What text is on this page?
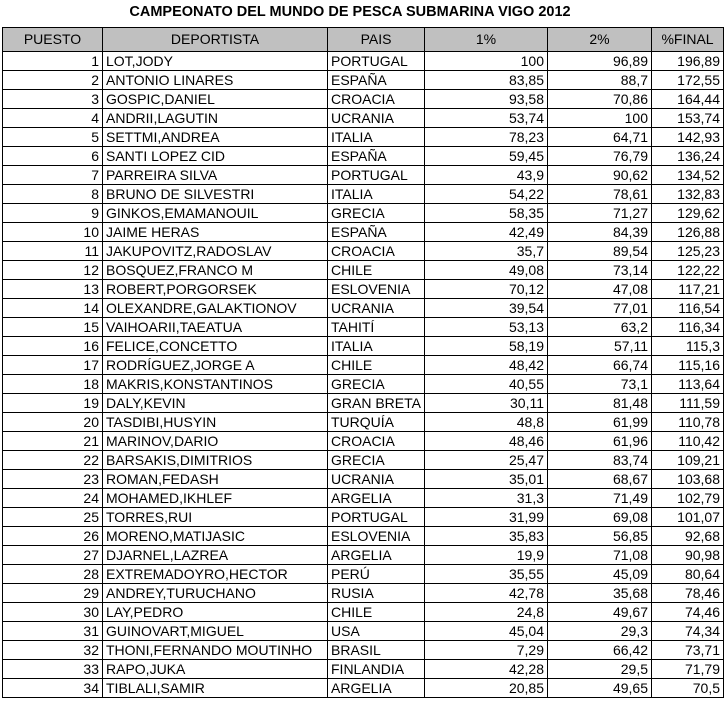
CAMPEONATO DEL MUNDO DE PESCA SUBMARINA VIGO 2012
PUESTO	DEPORTISTA	PAIS	1%	2%	%FINAL
1	LOT,JODY	PORTUGAL	100	96,89	196,89
2	ANTONIO LINARES	ESPAÑA	83,85	88,7	172,55
3	GOSPIC,DANIEL	CROACIA	93,58	70,86	164,44
4	ANDRII,LAGUTIN	UCRANIA	53,74	100	153,74
5	SETTMI,ANDREA	ITALIA	78,23	64,71	142,93
6	SANTI LOPEZ CID	ESPAÑA	59,45	76,79	136,24
7	PARREIRA SILVA	PORTUGAL	43,9	90,62	134,52
8	BRUNO DE SILVESTRI	ITALIA	54,22	78,61	132,83
9	GINKOS,EMAMANOUIL	GRECIA	58,35	71,27	129,62
10	JAIME HERAS	ESPAÑA	42,49	84,39	126,88
11	JAKUPOVITZ,RADOSLAV	CROACIA	35,7	89,54	125,23
12	BOSQUEZ,FRANCO M	CHILE	49,08	73,14	122,22
13	ROBERT,PORGORSEK	ESLOVENIA	70,12	47,08	117,21
14	OLEXANDRE,GALAKTIONOV	UCRANIA	39,54	77,01	116,54
15	VAIHOARII,TAEATUA	TAHITÍ	53,13	63,2	116,34
16	FELICE,CONCETTO	ITALIA	58,19	57,11	115,3
17	RODRÍGUEZ,JORGE A	CHILE	48,42	66,74	115,16
18	MAKRIS,KONSTANTINOS	GRECIA	40,55	73,1	113,64
19	DALY,KEVIN	GRAN BRETA	30,11	81,48	111,59
20	TASDIBI,HUSYIN	TURQUÍA	48,8	61,99	110,78
21	MARINOV,DARIO	CROACIA	48,46	61,96	110,42
22	BARSAKIS,DIMITRIOS	GRECIA	25,47	83,74	109,21
23	ROMAN,FEDASH	UCRANIA	35,01	68,67	103,68
24	MOHAMED,IKHLEF	ARGELIA	31,3	71,49	102,79
25	TORRES,RUI	PORTUGAL	31,99	69,08	101,07
26	MORENO,MATIJASIC	ESLOVENIA	35,83	56,85	92,68
27	DJARNEL,LAZREA	ARGELIA	19,9	71,08	90,98
28	EXTREMADOYRO,HECTOR	PERÚ	35,55	45,09	80,64
29	ANDREY,TURUCHANO	RUSIA	42,78	35,68	78,46
30	LAY,PEDRO	CHILE	24,8	49,67	74,46
31	GUINOVART,MIGUEL	USA	45,04	29,3	74,34
32	THONI,FERNANDO MOUTINHO	BRASIL	7,29	66,42	73,71
33	RAPO,JUKA	FINLANDIA	42,28	29,5	71,79
34	TIBLALI,SAMIR	ARGELIA	20,85	49,65	70,5
